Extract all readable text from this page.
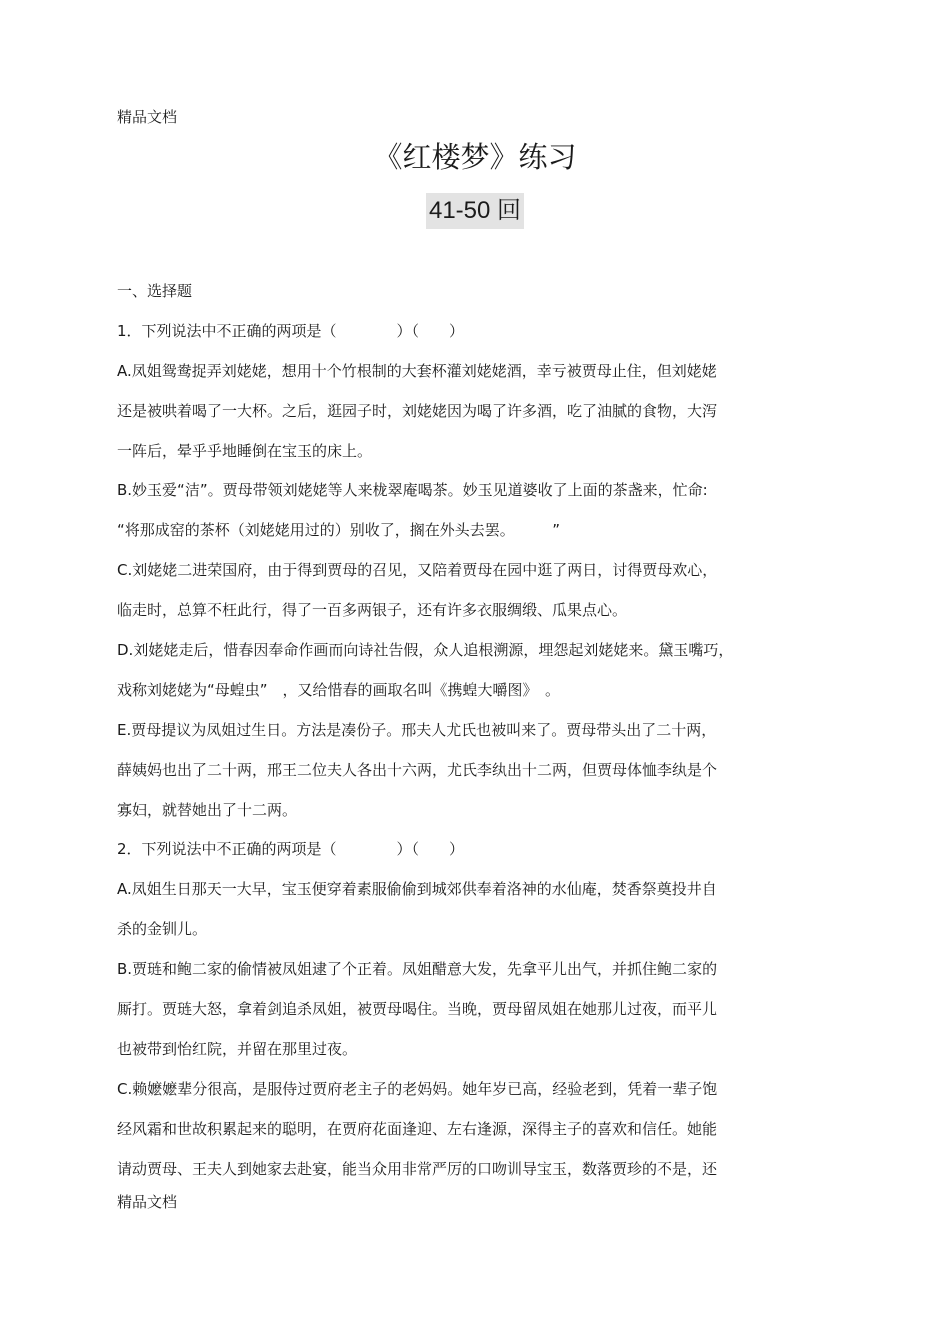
精品文档
《红楼梦》练习
41-50 回
一、选择题
1．下列说法中不正确的两项是（　　　　）（　　）
A.凤姐鸳鸯捉弄刘姥姥，想用十个竹根制的大套杯灌刘姥姥酒，幸亏被贾母止住，但刘姥姥
还是被哄着喝了一大杯。之后，逛园子时，刘姥姥因为喝了许多酒，吃了油腻的食物，大泻
一阵后，晕乎乎地睡倒在宝玉的床上。
B.妙玉爱“洁”。贾母带领刘姥姥等人来栊翠庵喝茶。妙玉见道婆收了上面的茶盏来，忙命:
“将那成窑的茶杯（刘姥姥用过的）别收了，搁在外头去罢。　　　”
C.刘姥姥二进荣国府，由于得到贾母的召见，又陪着贾母在园中逛了两日，讨得贾母欢心，
临走时，总算不枉此行，得了一百多两银子，还有许多衣服绸缎、瓜果点心。
D.刘姥姥走后，惜春因奉命作画而向诗社告假，众人追根溯源，埋怨起刘姥姥来。黛玉嘴巧，
戏称刘姥姥为“母蝗虫”　，又给惜春的画取名叫《携蝗大嚼图》　。
E.贾母提议为凤姐过生日。方法是凑份子。邢夫人尤氏也被叫来了。贾母带头出了二十两，
薛姨妈也出了二十两，邢王二位夫人各出十六两，尤氏李纨出十二两，但贾母体恤李纨是个
寡妇，就替她出了十二两。
2．下列说法中不正确的两项是（　　　　）（　　）
A.凤姐生日那天一大早，宝玉便穿着素服偷偷到城郊供奉着洛神的水仙庵，焚香祭奠投井自
杀的金钏儿。
B.贾琏和鲍二家的偷情被凤姐逮了个正着。凤姐醋意大发，先拿平儿出气，并抓住鲍二家的
厮打。贾琏大怒，拿着剑追杀凤姐，被贾母喝住。当晚，贾母留凤姐在她那儿过夜，而平儿
也被带到怡红院，并留在那里过夜。
C.赖嬷嬷辈分很高，是服侍过贾府老主子的老妈妈。她年岁已高，经验老到，凭着一辈子饱
经风霜和世故积累起来的聪明，在贾府花面逢迎、左右逢源，深得主子的喜欢和信任。她能
请动贾母、王夫人到她家去赴宴，能当众用非常严厉的口吻训导宝玉，数落贾珍的不是，还
精品文档
